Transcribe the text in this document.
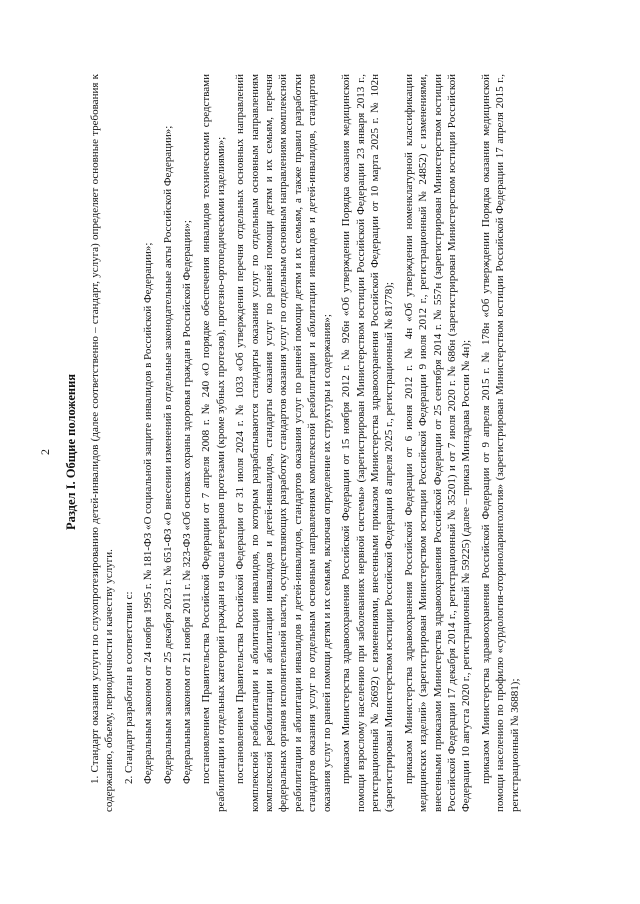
2 Раздел I. Общие положения 1. Стандарт оказания услуги по слухопротезированию детей-инвалидов (далее соответственно – стандарт, услуга) определяет основные требования к содержанию, объему, периодичности и качеству услуги. 2. Стандарт разработан в соответствии с: Федеральным законом от 24 ноября 1995 г. № 181-ФЗ «О социальной защите инвалидов в Российской Федерации»; Федеральным законом от 25 декабря 2023 г. № 651-ФЗ «О внесении изменений в отдельные законодательные акты Российской Федерации»; Федеральным законом от 21 ноября 2011 г. № 323-ФЗ «Об основах охраны здоровья граждан в Российской Федерации»; постановлением Правительства Российской Федерации от 7 апреля 2008 г. № 240 «О порядке обеспечения инвалидов техническими средствами реабилитации и отдельных категорий граждан из числа ветеранов протезами (кроме зубных протезов), протезно-ортопедическими изделиями»; постановлением Правительства Российской Федерации от 31 июля 2024 г. № 1033 «Об утверждении перечня отдельных основных направлений комплексной реабилитации и абилитации инвалидов, по которым разрабатываются стандарты оказания услуг по отдельным основным направлениям комплексной реабилитации и абилитации инвалидов и детей-инвалидов, стандарты оказания услуг по ранней помощи детям и их семьям, перечня федеральных органов исполнительной власти, осуществляющих разработку стандартов оказания услуг по отдельным основным направлениям комплексной реабилитации и абилитации инвалидов и детей-инвалидов, стандартов оказания услуг по ранней помощи детям и их семьям, а также правил разработки стандартов оказания услуг по отдельным основным направлениям комплексной реабилитации и абилитации инвалидов и детей-инвалидов, стандартов оказания услуг по ранней помощи детям и их семьям, включая определение их структуры и содержания»; приказом Министерства здравоохранения Российской Федерации от 15 ноября 2012 г. № 926н «Об утверждении Порядка оказания медицинской помощи взрослому населению при заболеваниях нервной системы» (зарегистрирован Министерством юстиции Российской Федерации 23 января 2013 г., регистрационный № 26692) с изменениями, внесенными приказом Министерства здравоохранения Российской Федерации от 10 марта 2025 г. № 102н (зарегистрирован Министерством юстиции Российской Федерации 8 апреля 2025 г., регистрационный № 81778); приказом Министерства здравоохранения Российской Федерации от 6 июня 2012 г. № 4н «Об утверждении номенклатурной классификации медицинских изделий» (зарегистрирован Министерством юстиции Российской Федерации 9 июля 2012 г., регистрационный № 24852) с изменениями, внесенными приказами Министерства здравоохранения Российской Федерации от 25 сентября 2014 г. № 557н (зарегистрирован Министерством юстиции Российской Федерации 17 декабря 2014 г., регистрационный № 35201) и от 7 июля 2020 г. № 686н (зарегистрирован Министерством юстиции Российской Федерации 10 августа 2020 г., регистрационный № 59225) (далее – приказ Минздрава России № 4н); приказом Министерства здравоохранения Российской Федерации от 9 апреля 2015 г. № 178н «Об утверждении Порядка оказания медицинской помощи населению по профилю «сурдология-оториноларингология» (зарегистрирован Министерством юстиции Российской Федерации 17 апреля 2015 г., регистрационный № 36881);
